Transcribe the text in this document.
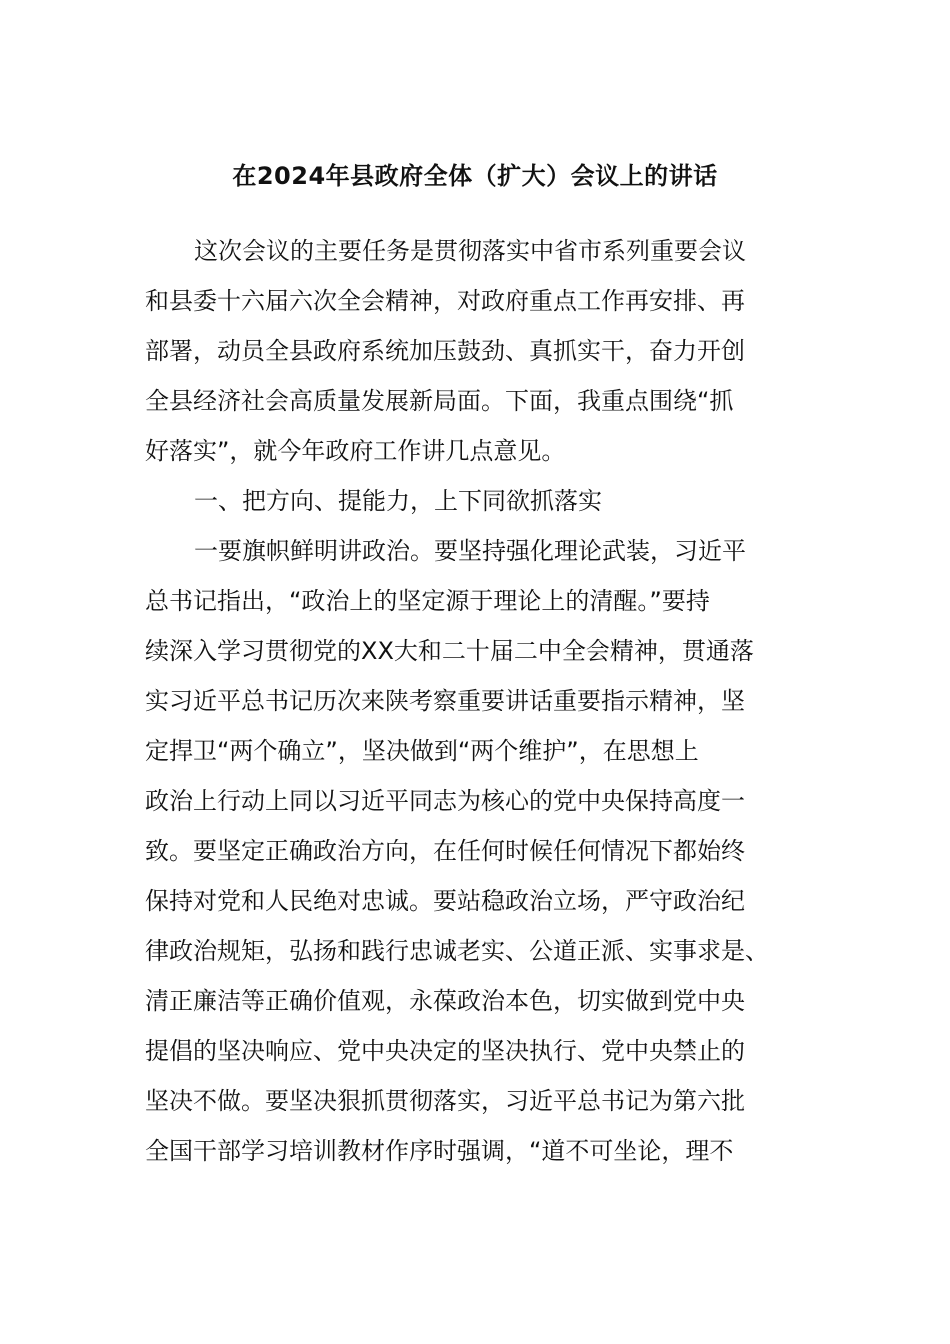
在2024年县政府全体（扩大）会议上的讲话
这次会议的主要任务是贯彻落实中省市系列重要会议
和县委十六届六次全会精神，对政府重点工作再安排、再
部署，动员全县政府系统加压鼓劲、真抓实干，奋力开创
全县经济社会高质量发展新局面。下面，我重点围绕“抓
好落实”，就今年政府工作讲几点意见。
一、把方向、提能力，上下同欲抓落实
一要旗帜鲜明讲政治。要坚持强化理论武装，习近平
总书记指出，“政治上的坚定源于理论上的清醒。”要持
续深入学习贯彻党的XX大和二十届二中全会精神，贯通落
实习近平总书记历次来陕考察重要讲话重要指示精神，坚
定捍卫“两个确立”，坚决做到“两个维护”，在思想上
政治上行动上同以习近平同志为核心的党中央保持高度一
致。要坚定正确政治方向，在任何时候任何情况下都始终
保持对党和人民绝对忠诚。要站稳政治立场，严守政治纪
律政治规矩，弘扬和践行忠诚老实、公道正派、实事求是、
清正廉洁等正确价值观，永葆政治本色，切实做到党中央
提倡的坚决响应、党中央决定的坚决执行、党中央禁止的
坚决不做。要坚决狠抓贯彻落实，习近平总书记为第六批
全国干部学习培训教材作序时强调，“道不可坐论，理不
